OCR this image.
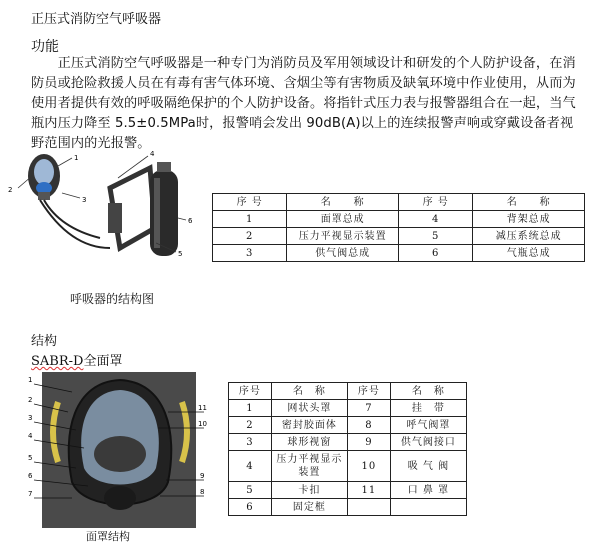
正压式消防空气呼吸器
功能
　　正压式消防空气呼吸器是一种专门为消防员及军用领域设计和研发的个人防护设备，在消防员或抢险救援人员在有毒有害气体环境、含烟尘等有害物质及缺氧环境中作业使用，从而为使用者提供有效的呼吸隔绝保护的个人防护设备。将指针式压力表与报警器组合在一起，当气瓶内压力降至 5.5±0.5MPa时，报警哨会发出 90dB(A)以上的连续报警声响或穿戴设备者视野范围内的光报警。
2
1
3
4
5
6
呼吸器的结构图
序 号	名　　称	序 号	名　　称
1	面罩总成	4	背架总成
2	压力平视显示装置	5	减压系统总成
3	供气阀总成	6	气瓶总成
结构
SABR-D全面罩
1
2
3
4
5
6
7
11
10
9
8
面罩结构
序号	名　称	序号	名　称
1	网状头罩	7	挂　带
2	密封胶面体	8	呼气阀罩
3	球形视窗	9	供气阀接口
4	压力平视显示装置	10	吸 气 阀
5	卡扣	11	口 鼻 罩
6	固定框		
